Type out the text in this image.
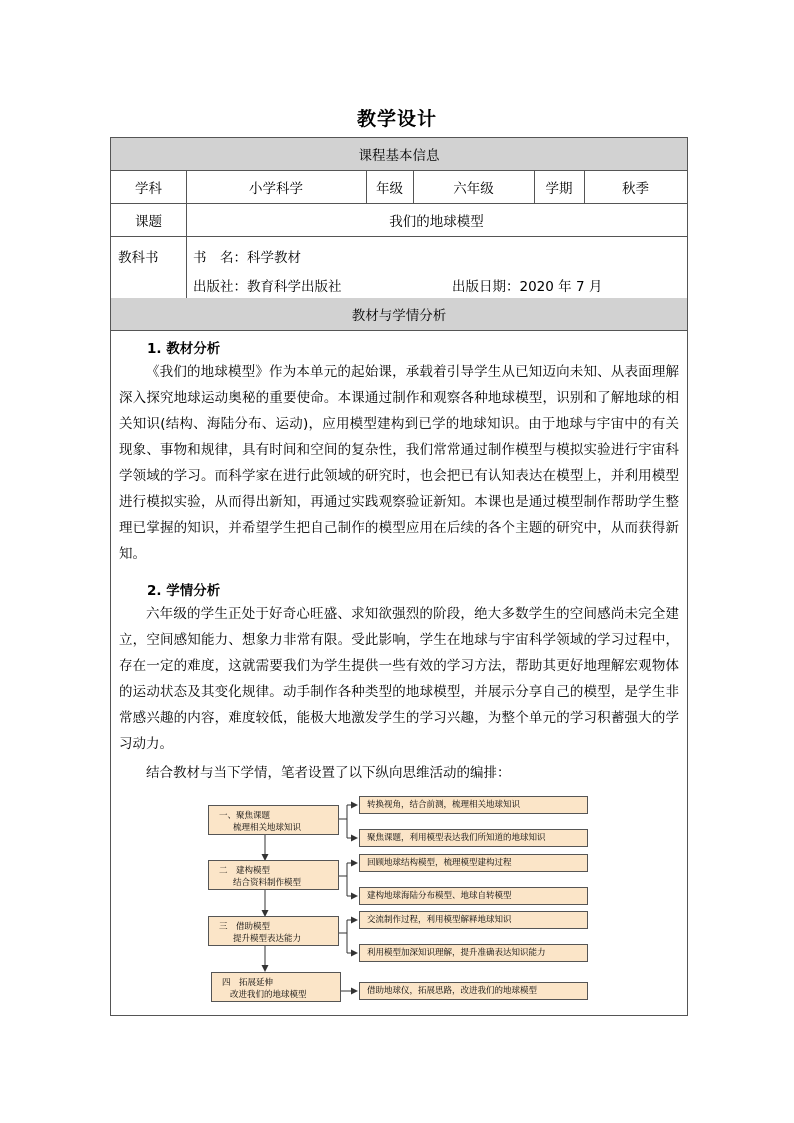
教学设计
课程基本信息
学科	小学科学	年级	六年级	学期	秋季
课题	我们的地球模型
教科书	书　名：科学教材
出版社：教育科学出版社	出版日期：2020 年 7 月
教材与学情分析
1. 教材分析

《我们的地球模型》作为本单元的起始课，承载着引导学生从已知迈向未知、从表面理解深入探究地球运动奥秘的重要使命。本课通过制作和观察各种地球模型，识别和了解地球的相关知识(结构、海陆分布、运动)，应用模型建构到已学的地球知识。由于地球与宇宙中的有关现象、事物和规律，具有时间和空间的复杂性，我们常常通过制作模型与模拟实验进行宇宙科学领域的学习。而科学家在进行此领域的研究时，也会把已有认知表达在模型上，并利用模型进行模拟实验，从而得出新知，再通过实践观察验证新知。本课也是通过模型制作帮助学生整理已掌握的知识，并希望学生把自己制作的模型应用在后续的各个主题的研究中，从而获得新知。

2. 学情分析

六年级的学生正处于好奇心旺盛、求知欲强烈的阶段，绝大多数学生的空间感尚未完全建立，空间感知能力、想象力非常有限。受此影响，学生在地球与宇宙科学领域的学习过程中，存在一定的难度，这就需要我们为学生提供一些有效的学习方法，帮助其更好地理解宏观物体的运动状态及其变化规律。动手制作各种类型的地球模型，并展示分享自己的模型，是学生非常感兴趣的内容，难度较低，能极大地激发学生的学习兴趣，为整个单元的学习积蓄强大的学习动力。

结合教材与当下学情，笔者设置了以下纵向思维活动的编排：

一、聚焦课题
梳理相关地球知识
二　建构模型
结合资料制作模型
三　借助模型
提升模型表达能力
四　拓展延伸
改进我们的地球模型
转换视角，结合前测，梳理相关地球知识
聚焦课题，利用模型表达我们所知道的地球知识
回顾地球结构模型，梳理模型建构过程
建构地球海陆分布模型、地球自转模型
交流制作过程，利用模型解释地球知识
利用模型加深知识理解，提升准确表达知识能力
借助地球仪，拓展思路，改进我们的地球模型
